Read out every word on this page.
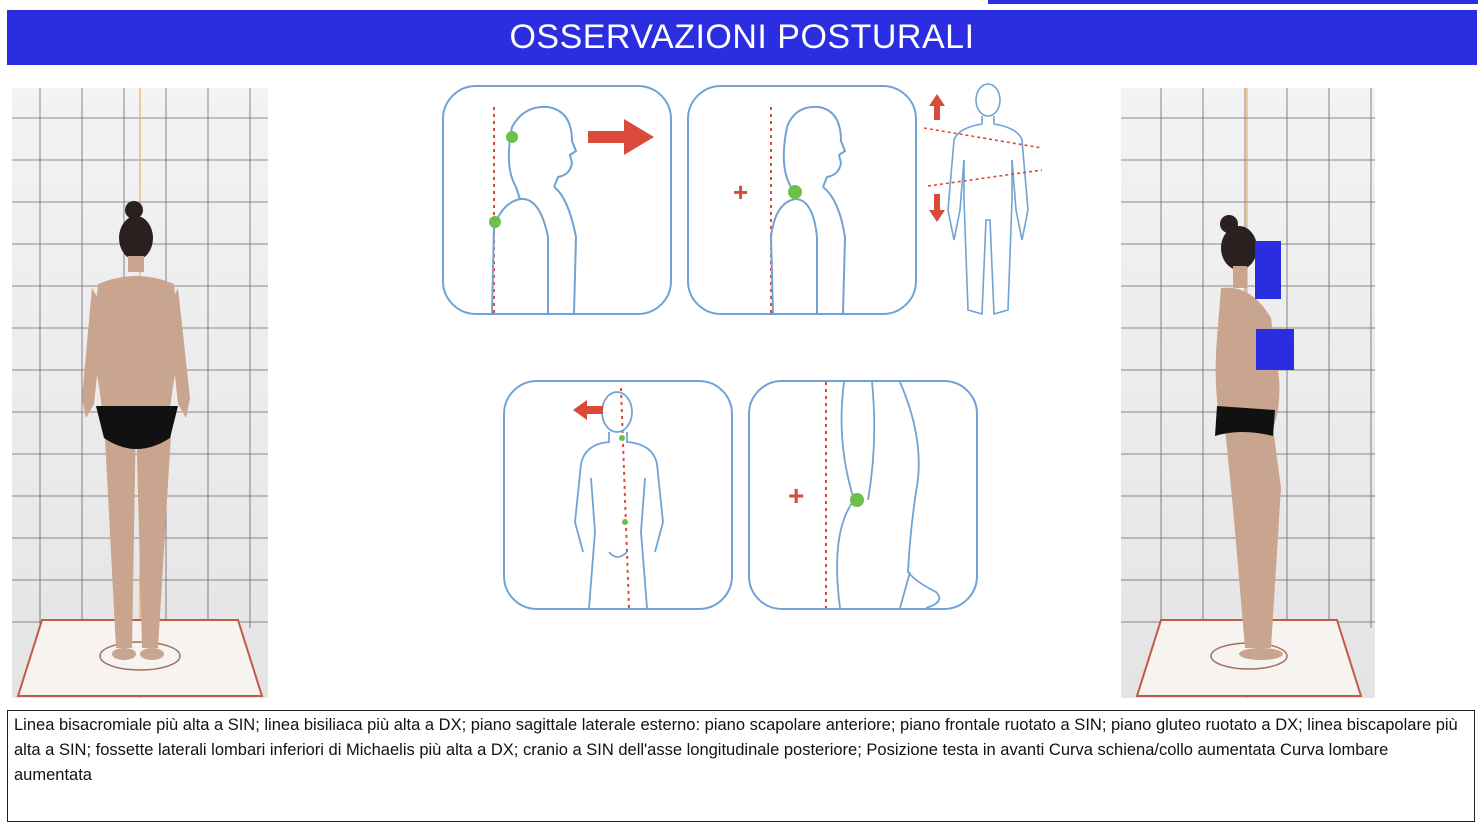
OSSERVAZIONI POSTURALI
+
+

Linea bisacromiale più alta a SIN; linea bisiliaca più alta a DX; piano sagittale laterale esterno: piano scapolare anteriore; piano frontale ruotato a SIN; piano gluteo ruotato a DX; linea biscapolare più alta a SIN; fossette laterali lombari inferiori di Michaelis più alta a DX; cranio a SIN dell'asse longitudinale posteriore; Posizione testa in avanti Curva schiena/collo aumentata Curva lombare aumentata
